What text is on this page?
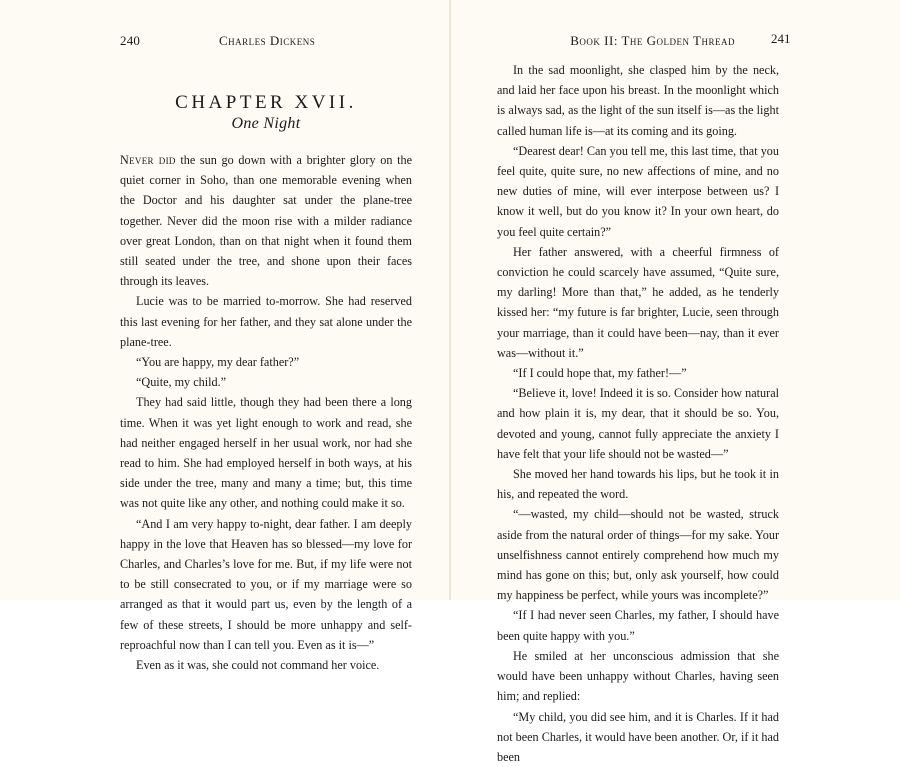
240	Charles Dickens	Book II: The Golden Thread	241
CHAPTER XVII.
One Night

Never did the sun go down with a brighter glory on the quiet corner in Soho, than one memorable evening when the Doctor and his daughter sat under the plane-tree together. Never did the moon rise with a milder radiance over great London, than on that night when it found them still seated under the tree, and shone upon their faces through its leaves.

Lucie was to be married to-morrow. She had reserved this last evening for her father, and they sat alone under the plane-tree.

“You are happy, my dear father?”

“Quite, my child.”

They had said little, though they had been there a long time. When it was yet light enough to work and read, she had neither engaged herself in her usual work, nor had she read to him. She had employed herself in both ways, at his side under the tree, many and many a time; but, this time was not quite like any other, and nothing could make it so.

“And I am very happy to-night, dear father. I am deeply happy in the love that Heaven has so blessed—my love for Charles, and Charles’s love for me. But, if my life were not to be still consecrated to you, or if my marriage were so arranged as that it would part us, even by the length of a few of these streets, I should be more unhappy and self-reproachful now than I can tell you. Even as it is—”

Even as it was, she could not command her voice.

In the sad moonlight, she clasped him by the neck, and laid her face upon his breast. In the moonlight which is always sad, as the light of the sun itself is—as the light called human life is—at its coming and its going.

“Dearest dear! Can you tell me, this last time, that you feel quite, quite sure, no new affections of mine, and no new duties of mine, will ever interpose between us? I know it well, but do you know it? In your own heart, do you feel quite certain?”

Her father answered, with a cheerful firmness of conviction he could scarcely have assumed, “Quite sure, my darling! More than that,” he added, as he tenderly kissed her: “my future is far brighter, Lucie, seen through your marriage, than it could have been—nay, than it ever was—without it.”

“If I could hope that, my father!—”

“Believe it, love! Indeed it is so. Consider how natural and how plain it is, my dear, that it should be so. You, devoted and young, cannot fully appreciate the anxiety I have felt that your life should not be wasted—”

She moved her hand towards his lips, but he took it in his, and repeated the word.

“—wasted, my child—should not be wasted, struck aside from the natural order of things—for my sake. Your unselfishness cannot entirely comprehend how much my mind has gone on this; but, only ask yourself, how could my happiness be perfect, while yours was incomplete?”

“If I had never seen Charles, my father, I should have been quite happy with you.”

He smiled at her unconscious admission that she would have been unhappy without Charles, having seen him; and replied:

“My child, you did see him, and it is Charles. If it had not been Charles, it would have been another. Or, if it had been
